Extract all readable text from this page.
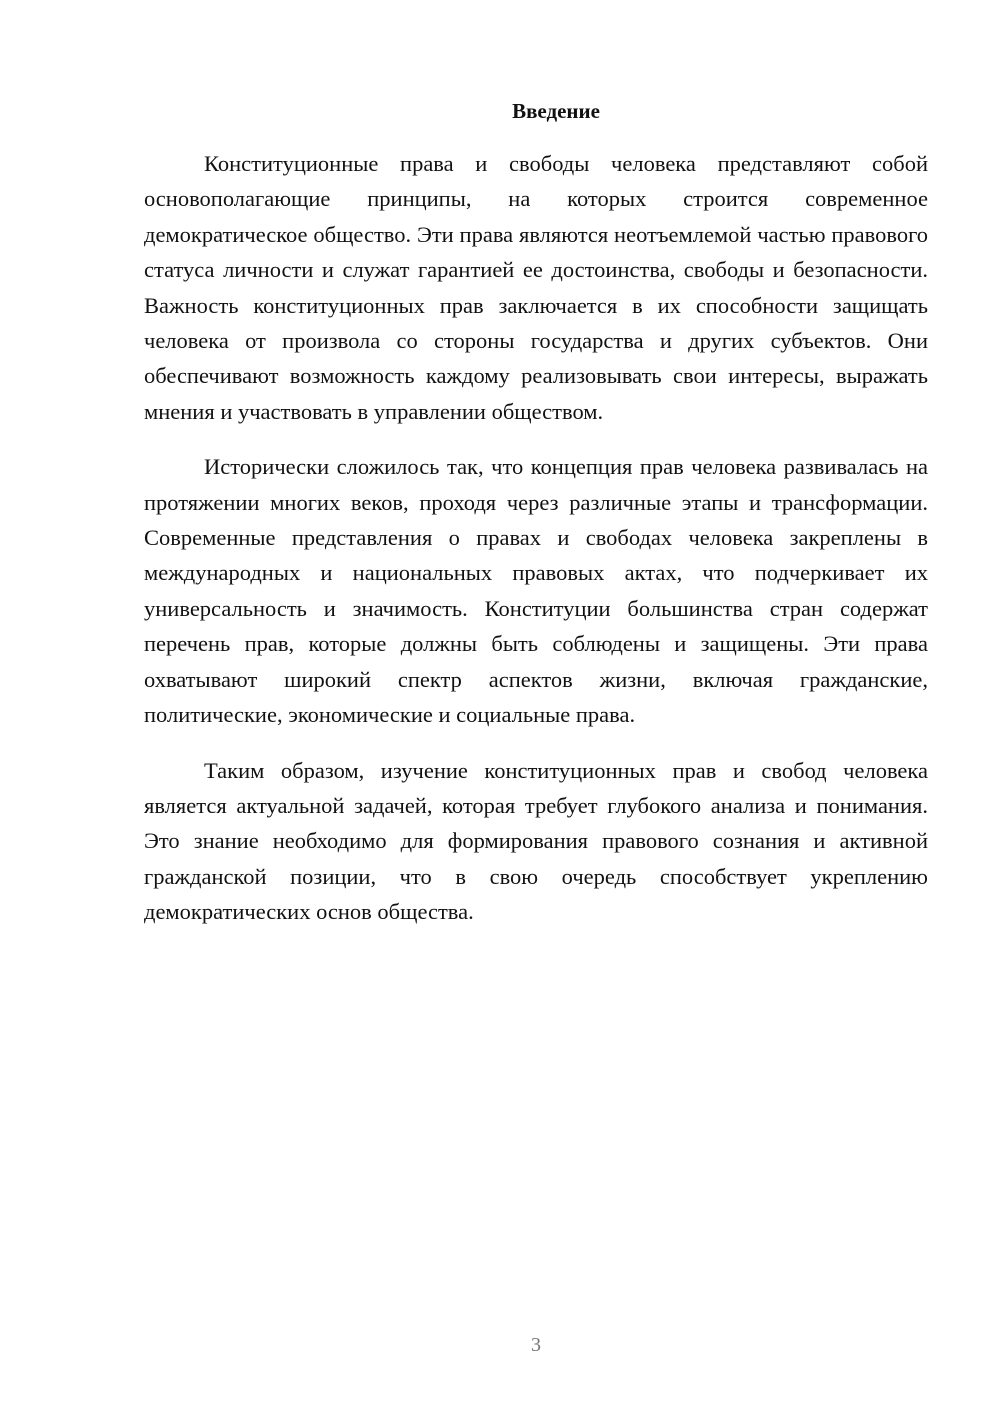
Введение

Конституционные права и свободы человека представляют собой основополагающие принципы, на которых строится современное демократическое общество. Эти права являются неотъемлемой частью правового статуса личности и служат гарантией ее достоинства, свободы и безопасности. Важность конституционных прав заключается в их способности защищать человека от произвола со стороны государства и других субъектов. Они обеспечивают возможность каждому реализовывать свои интересы, выражать мнения и участвовать в управлении обществом.

Исторически сложилось так, что концепция прав человека развивалась на протяжении многих веков, проходя через различные этапы и трансформации. Современные представления о правах и свободах человека закреплены в международных и национальных правовых актах, что подчеркивает их универсальность и значимость. Конституции большинства стран содержат перечень прав, которые должны быть соблюдены и защищены. Эти права охватывают широкий спектр аспектов жизни, включая гражданские, политические, экономические и социальные права.

Таким образом, изучение конституционных прав и свобод человека является актуальной задачей, которая требует глубокого анализа и понимания. Это знание необходимо для формирования правового сознания и активной гражданской позиции, что в свою очередь способствует укреплению демократических основ общества.

3
